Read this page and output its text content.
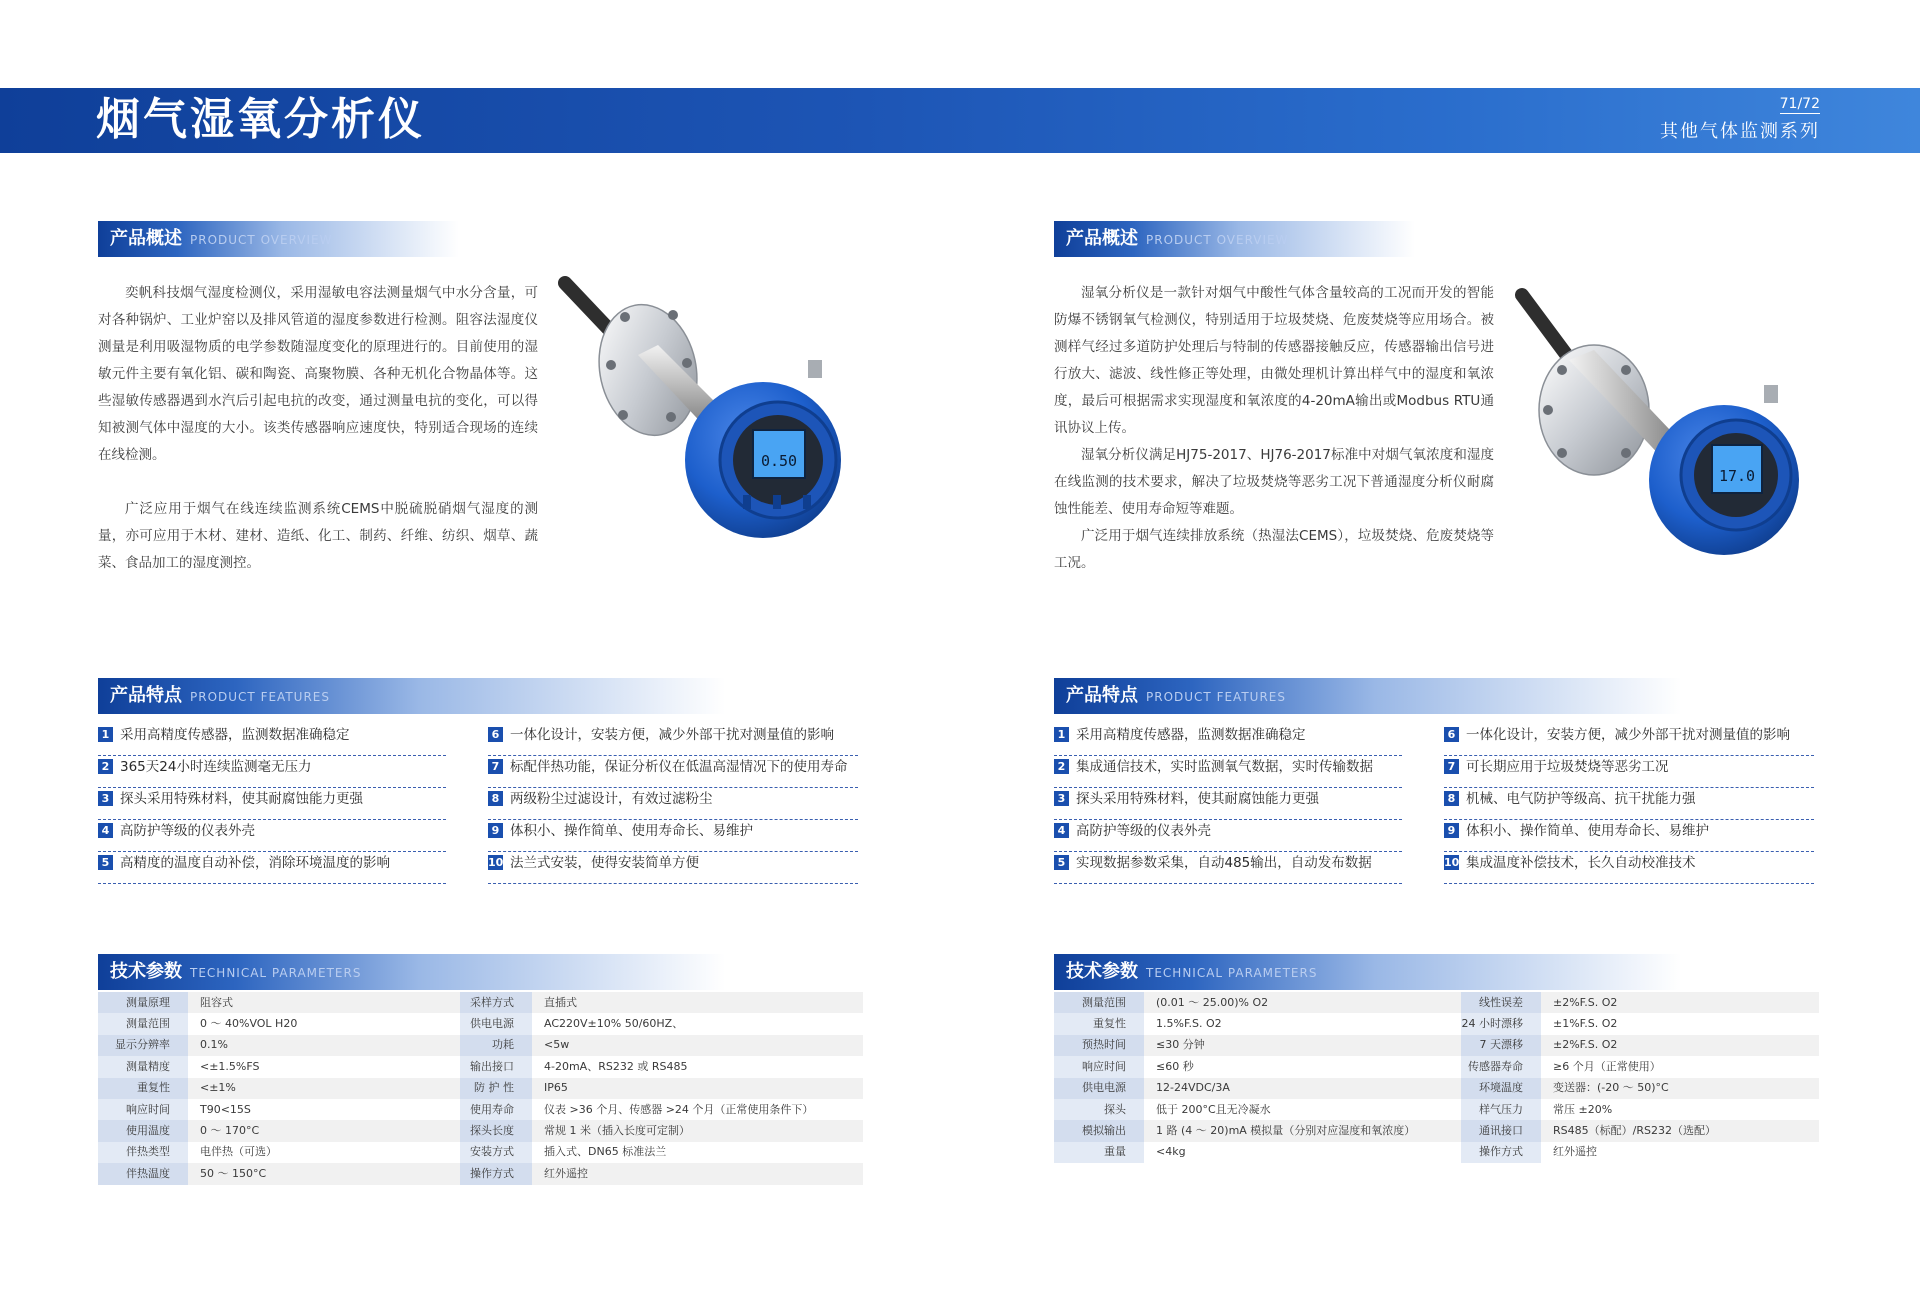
烟气湿氧分析仪	71/72
其他气体监测系列
产品概述 PRODUCT OVERVIEW

奕帆科技烟气湿度检测仪，采用湿敏电容法测量烟气中水分含量，可对各种锅炉、工业炉窑以及排风管道的湿度参数进行检测。阻容法湿度仪测量是利用吸湿物质的电学参数随湿度变化的原理进行的。目前使用的湿敏元件主要有氧化铝、碳和陶瓷、高聚物膜、各种无机化合物晶体等。这些湿敏传感器遇到水汽后引起电抗的改变，通过测量电抗的变化，可以得知被测气体中湿度的大小。该类传感器响应速度快，特别适合现场的连续在线检测。

广泛应用于烟气在线连续监测系统CEMS中脱硫脱硝烟气湿度的测量，亦可应用于木材、建材、造纸、化工、制药、纤维、纺织、烟草、蔬菜、食品加工的湿度测控。

0.50
产品特点 PRODUCT FEATURES
1 采用高精度传感器，监测数据准确稳定
2 365天24小时连续监测毫无压力
3 探头采用特殊材料，使其耐腐蚀能力更强
4 高防护等级的仪表外壳
5 高精度的温度自动补偿，消除环境温度的影响
6 一体化设计，安装方便，减少外部干扰对测量值的影响
7 标配伴热功能，保证分析仪在低温高湿情况下的使用寿命
8 两级粉尘过滤设计，有效过滤粉尘
9 体积小、操作简单、使用寿命长、易维护
10 法兰式安装，使得安装简单方便
技术参数 TECHNICAL PARAMETERS
测量原理	阻容式	采样方式	直插式
测量范围	0 ～ 40%VOL H20	供电电源	AC220V±10% 50/60HZ、
显示分辨率	0.1%	功耗	<5w
测量精度	<±1.5%FS	输出接口	4-20mA、RS232 或 RS485
重复性	<±1%	防 护 性	IP65
响应时间	T90<15S	使用寿命	仪表 >36 个月、传感器 >24 个月（正常使用条件下）
使用温度	0 ～ 170°C	探头长度	常规 1 米（插入长度可定制）
伴热类型	电伴热（可选）	安装方式	插入式、DN65 标准法兰
伴热温度	50 ～ 150°C	操作方式	红外遥控
产品概述 PRODUCT OVERVIEW

湿氧分析仪是一款针对烟气中酸性气体含量较高的工况而开发的智能防爆不锈钢氧气检测仪，特别适用于垃圾焚烧、危废焚烧等应用场合。被测样气经过多道防护处理后与特制的传感器接触反应，传感器输出信号进行放大、滤波、线性修正等处理，由微处理机计算出样气中的湿度和氧浓度，最后可根据需求实现湿度和氧浓度的4-20mA输出或Modbus RTU通讯协议上传。

湿氧分析仪满足HJ75-2017、HJ76-2017标准中对烟气氧浓度和湿度在线监测的技术要求，解决了垃圾焚烧等恶劣工况下普通湿度分析仪耐腐蚀性能差、使用寿命短等难题。

广泛用于烟气连续排放系统（热湿法CEMS），垃圾焚烧、危废焚烧等工况。

17.0
产品特点 PRODUCT FEATURES
1 采用高精度传感器，监测数据准确稳定
2 集成通信技术，实时监测氧气数据，实时传输数据
3 探头采用特殊材料，使其耐腐蚀能力更强
4 高防护等级的仪表外壳
5 实现数据参数采集，自动485输出，自动发布数据
6 一体化设计，安装方便，减少外部干扰对测量值的影响
7 可长期应用于垃圾焚烧等恶劣工况
8 机械、电气防护等级高、抗干扰能力强
9 体积小、操作简单、使用寿命长、易维护
10 集成温度补偿技术，长久自动校准技术
技术参数 TECHNICAL PARAMETERS
测量范围	(0.01 ～ 25.00)% O2	线性误差	±2%F.S. O2
重复性	1.5%F.S. O2	24 小时漂移	±1%F.S. O2
预热时间	≤30 分钟	7 天漂移	±2%F.S. O2
响应时间	≤60 秒	传感器寿命	≥6 个月（正常使用）
供电电源	12-24VDC/3A	环境温度	变送器：(-20 ～ 50)°C
探头	低于 200°C且无冷凝水	样气压力	常压 ±20%
模拟输出	1 路 (4 ～ 20)mA 模拟量（分别对应湿度和氧浓度）	通讯接口	RS485（标配）/RS232（选配）
重量	<4kg	操作方式	红外遥控
